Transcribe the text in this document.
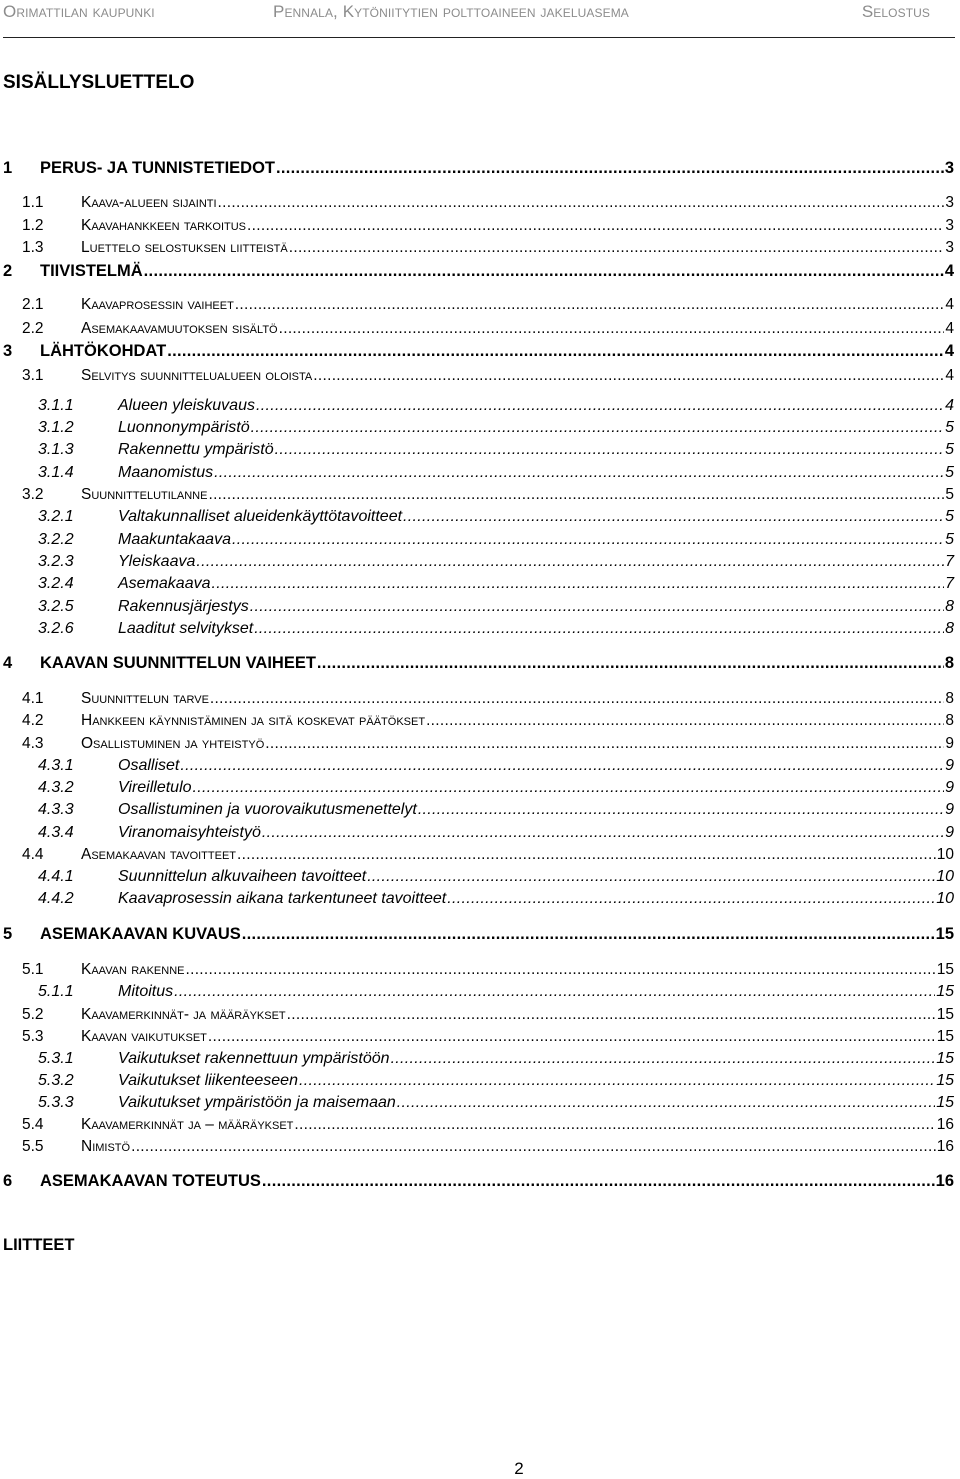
Orimattilan kaupunki	Pennala, Kytöniitytien polttoaineen jakeluasema	Selostus
SISÄLLYSLUETTELO
1	PERUS- JA TUNNISTETIEDOT .....	3
1.1	Kaava-alueen sijainti .....	3
1.2	Kaavahankkeen tarkoitus .....	3
1.3	Luettelo selostuksen liitteistä .....	3
2	TIIVISTELMÄ .....	4
2.1	Kaavaprosessin vaiheet .....	4
2.2	Asemakaavamuutoksen sisältö .....	4
3	LÄHTÖKOHDAT .....	4
3.1	Selvitys suunnittelualueen oloista .....	4
3.1.1	Alueen yleiskuvaus .....	4
3.1.2	Luonnonympäristö .....	5
3.1.3	Rakennettu ympäristö .....	5
3.1.4	Maanomistus .....	5
3.2	Suunnittelutilanne .....	5
3.2.1	Valtakunnalliset alueidenkäyttötavoitteet .....	5
3.2.2	Maakuntakaava .....	5
3.2.3	Yleiskaava .....	7
3.2.4	Asemakaava .....	7
3.2.5	Rakennusjärjestys .....	8
3.2.6	Laaditut selvitykset .....	8
4	KAAVAN SUUNNITTELUN VAIHEET .....	8
4.1	Suunnittelun tarve .....	8
4.2	Hankkeen käynnistäminen ja sitä koskevat päätökset .....	8
4.3	Osallistuminen ja yhteistyö .....	9
4.3.1	Osalliset .....	9
4.3.2	Vireilletulo .....	9
4.3.3	Osallistuminen ja vuorovaikutusmenettelyt .....	9
4.3.4	Viranomaisyhteistyö .....	9
4.4	Asemakaavan tavoitteet .....	10
4.4.1	Suunnittelun alkuvaiheen tavoitteet .....	10
4.4.2	Kaavaprosessin aikana tarkentuneet tavoitteet .....	10
5	ASEMAKAAVAN KUVAUS .....	15
5.1	Kaavan rakenne .....	15
5.1.1	Mitoitus .....	15
5.2	Kaavamerkinnät- ja määräykset .....	15
5.3	Kaavan vaikutukset .....	15
5.3.1	Vaikutukset rakennettuun ympäristöön .....	15
5.3.2	Vaikutukset liikenteeseen .....	15
5.3.3	Vaikutukset ympäristöön ja maisemaan .....	15
5.4	Kaavamerkinnät ja – määräykset .....	16
5.5	Nimistö .....	16
6	ASEMAKAAVAN TOTEUTUS .....	16
LIITTEET
2
